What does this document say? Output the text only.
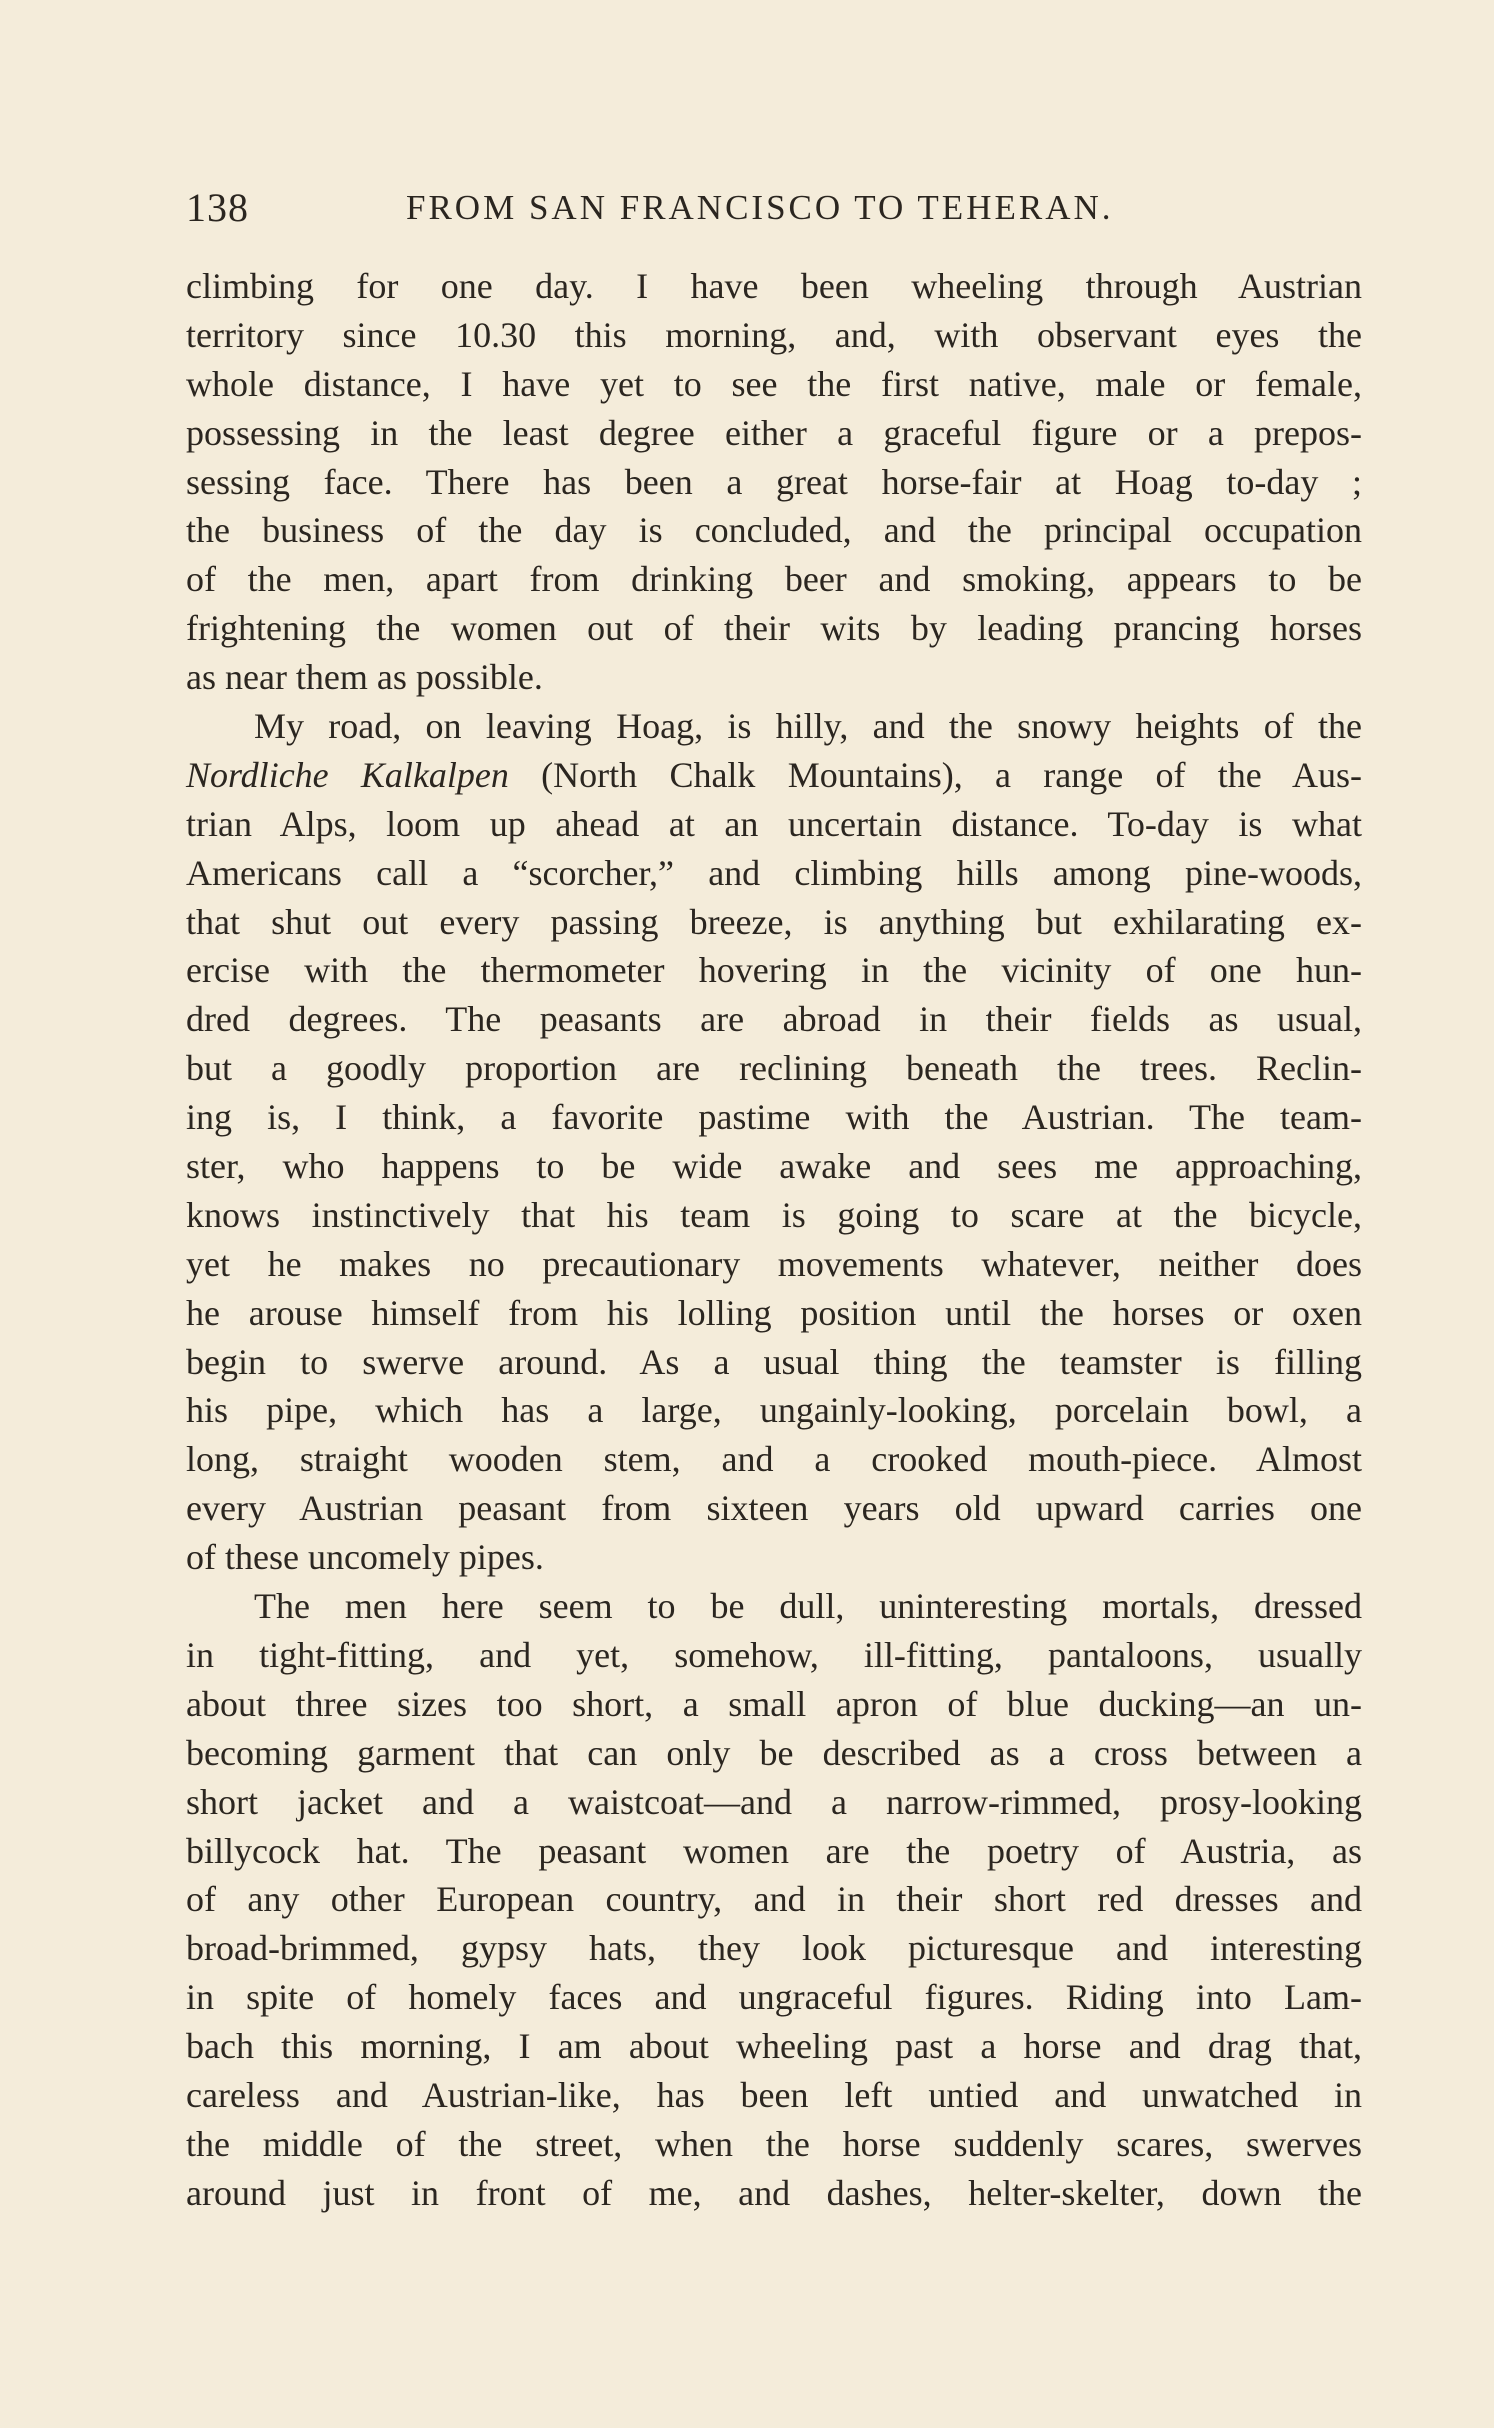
138	FROM SAN FRANCISCO TO TEHERAN.
climbing for one day. I have been wheeling through Austrian
territory since 10.30 this morning, and, with observant eyes the
whole distance, I have yet to see the first native, male or female,
possessing in the least degree either a graceful figure or a prepos-
sessing face. There has been a great horse-fair at Hoag to-day ;
the business of the day is concluded, and the principal occupation
of the men, apart from drinking beer and smoking, appears to be
frightening the women out of their wits by leading prancing horses
as near them as possible.
My road, on leaving Hoag, is hilly, and the snowy heights of the
Nordliche Kalkalpen (North Chalk Mountains), a range of the Aus-
trian Alps, loom up ahead at an uncertain distance. To-day is what
Americans call a “scorcher,” and climbing hills among pine-woods,
that shut out every passing breeze, is anything but exhilarating ex-
ercise with the thermometer hovering in the vicinity of one hun-
dred degrees. The peasants are abroad in their fields as usual,
but a goodly proportion are reclining beneath the trees. Reclin-
ing is, I think, a favorite pastime with the Austrian. The team-
ster, who happens to be wide awake and sees me approaching,
knows instinctively that his team is going to scare at the bicycle,
yet he makes no precautionary movements whatever, neither does
he arouse himself from his lolling position until the horses or oxen
begin to swerve around. As a usual thing the teamster is filling
his pipe, which has a large, ungainly-looking, porcelain bowl, a
long, straight wooden stem, and a crooked mouth-piece. Almost
every Austrian peasant from sixteen years old upward carries one
of these uncomely pipes.
The men here seem to be dull, uninteresting mortals, dressed
in tight-fitting, and yet, somehow, ill-fitting, pantaloons, usually
about three sizes too short, a small apron of blue ducking—an un-
becoming garment that can only be described as a cross between a
short jacket and a waistcoat—and a narrow-rimmed, prosy-looking
billycock hat. The peasant women are the poetry of Austria, as
of any other European country, and in their short red dresses and
broad-brimmed, gypsy hats, they look picturesque and interesting
in spite of homely faces and ungraceful figures. Riding into Lam-
bach this morning, I am about wheeling past a horse and drag that,
careless and Austrian-like, has been left untied and unwatched in
the middle of the street, when the horse suddenly scares, swerves
around just in front of me, and dashes, helter-skelter, down the
